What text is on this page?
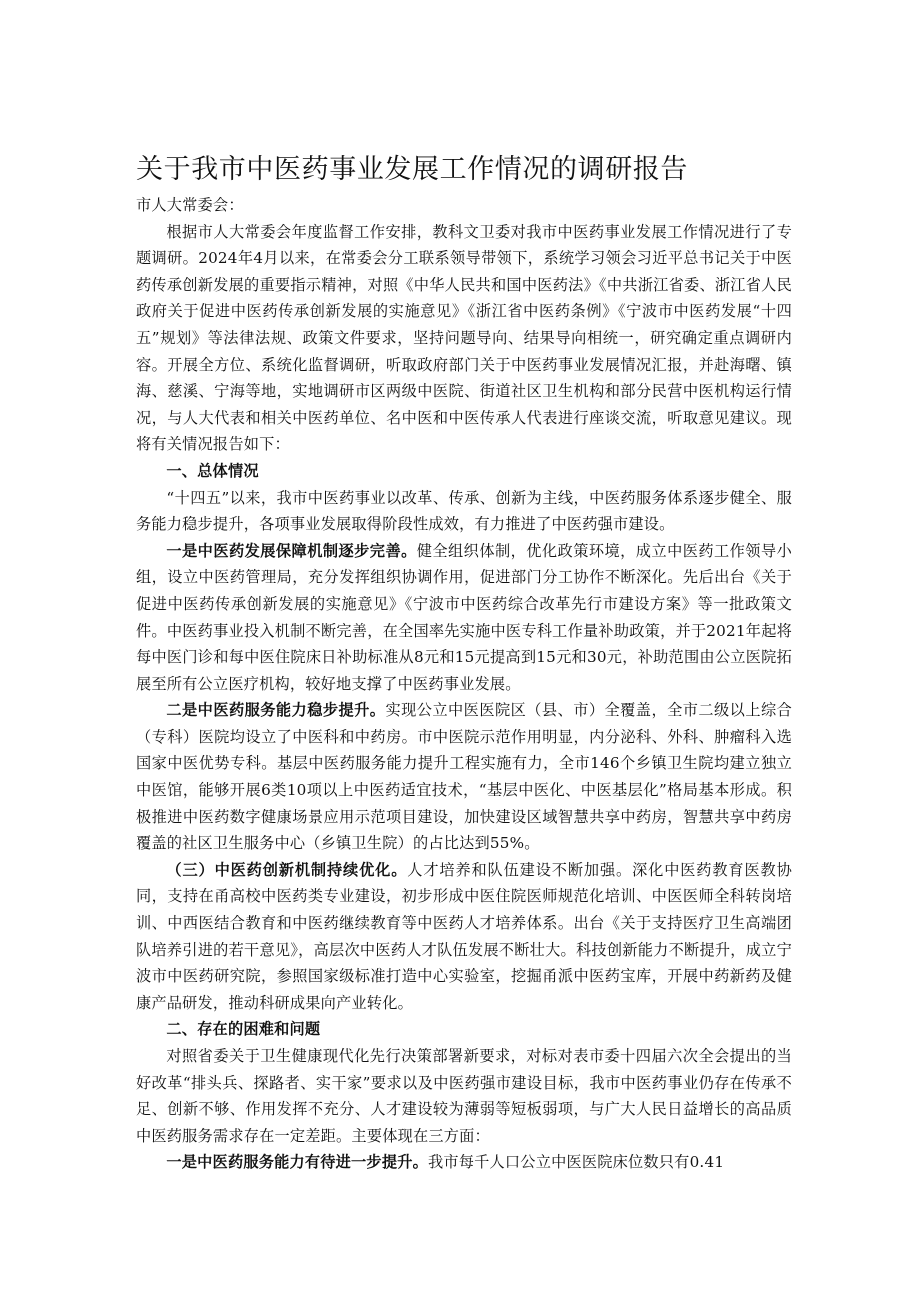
关于我市中医药事业发展工作情况的调研报告

市人大常委会：

根据市人大常委会年度监督工作安排，教科文卫委对我市中医药事业发展工作情况进行了专题调研。2024年4月以来，在常委会分工联系领导带领下，系统学习领会习近平总书记关于中医药传承创新发展的重要指示精神，对照《中华人民共和国中医药法》《中共浙江省委、浙江省人民政府关于促进中医药传承创新发展的实施意见》《浙江省中医药条例》《宁波市中医药发展“十四五”规划》等法律法规、政策文件要求，坚持问题导向、结果导向相统一，研究确定重点调研内容。开展全方位、系统化监督调研，听取政府部门关于中医药事业发展情况汇报，并赴海曙、镇海、慈溪、宁海等地，实地调研市区两级中医院、街道社区卫生机构和部分民营中医机构运行情况，与人大代表和相关中医药单位、名中医和中医传承人代表进行座谈交流，听取意见建议。现将有关情况报告如下：

一、总体情况

“十四五”以来，我市中医药事业以改革、传承、创新为主线，中医药服务体系逐步健全、服务能力稳步提升，各项事业发展取得阶段性成效，有力推进了中医药强市建设。

一是中医药发展保障机制逐步完善。健全组织体制，优化政策环境，成立中医药工作领导小组，设立中医药管理局，充分发挥组织协调作用，促进部门分工协作不断深化。先后出台《关于促进中医药传承创新发展的实施意见》《宁波市中医药综合改革先行市建设方案》等一批政策文件。中医药事业投入机制不断完善，在全国率先实施中医专科工作量补助政策，并于2021年起将每中医门诊和每中医住院床日补助标准从8元和15元提高到15元和30元，补助范围由公立医院拓展至所有公立医疗机构，较好地支撑了中医药事业发展。

二是中医药服务能力稳步提升。实现公立中医医院区（县、市）全覆盖，全市二级以上综合（专科）医院均设立了中医科和中药房。市中医院示范作用明显，内分泌科、外科、肿瘤科入选国家中医优势专科。基层中医药服务能力提升工程实施有力，全市146个乡镇卫生院均建立独立中医馆，能够开展6类10项以上中医药适宜技术，“基层中医化、中医基层化”格局基本形成。积极推进中医药数字健康场景应用示范项目建设，加快建设区域智慧共享中药房，智慧共享中药房覆盖的社区卫生服务中心（乡镇卫生院）的占比达到55%。

（三）中医药创新机制持续优化。人才培养和队伍建设不断加强。深化中医药教育医教协同，支持在甬高校中医药类专业建设，初步形成中医住院医师规范化培训、中医医师全科转岗培训、中西医结合教育和中医药继续教育等中医药人才培养体系。出台《关于支持医疗卫生高端团队培养引进的若干意见》，高层次中医药人才队伍发展不断壮大。科技创新能力不断提升，成立宁波市中医药研究院，参照国家级标准打造中心实验室，挖掘甬派中医药宝库，开展中药新药及健康产品研发，推动科研成果向产业转化。

二、存在的困难和问题

对照省委关于卫生健康现代化先行决策部署新要求，对标对表市委十四届六次全会提出的当好改革“排头兵、探路者、实干家”要求以及中医药强市建设目标，我市中医药事业仍存在传承不足、创新不够、作用发挥不充分、人才建设较为薄弱等短板弱项，与广大人民日益增长的高品质中医药服务需求存在一定差距。主要体现在三方面：

一是中医药服务能力有待进一步提升。我市每千人口公立中医医院床位数只有0.41
